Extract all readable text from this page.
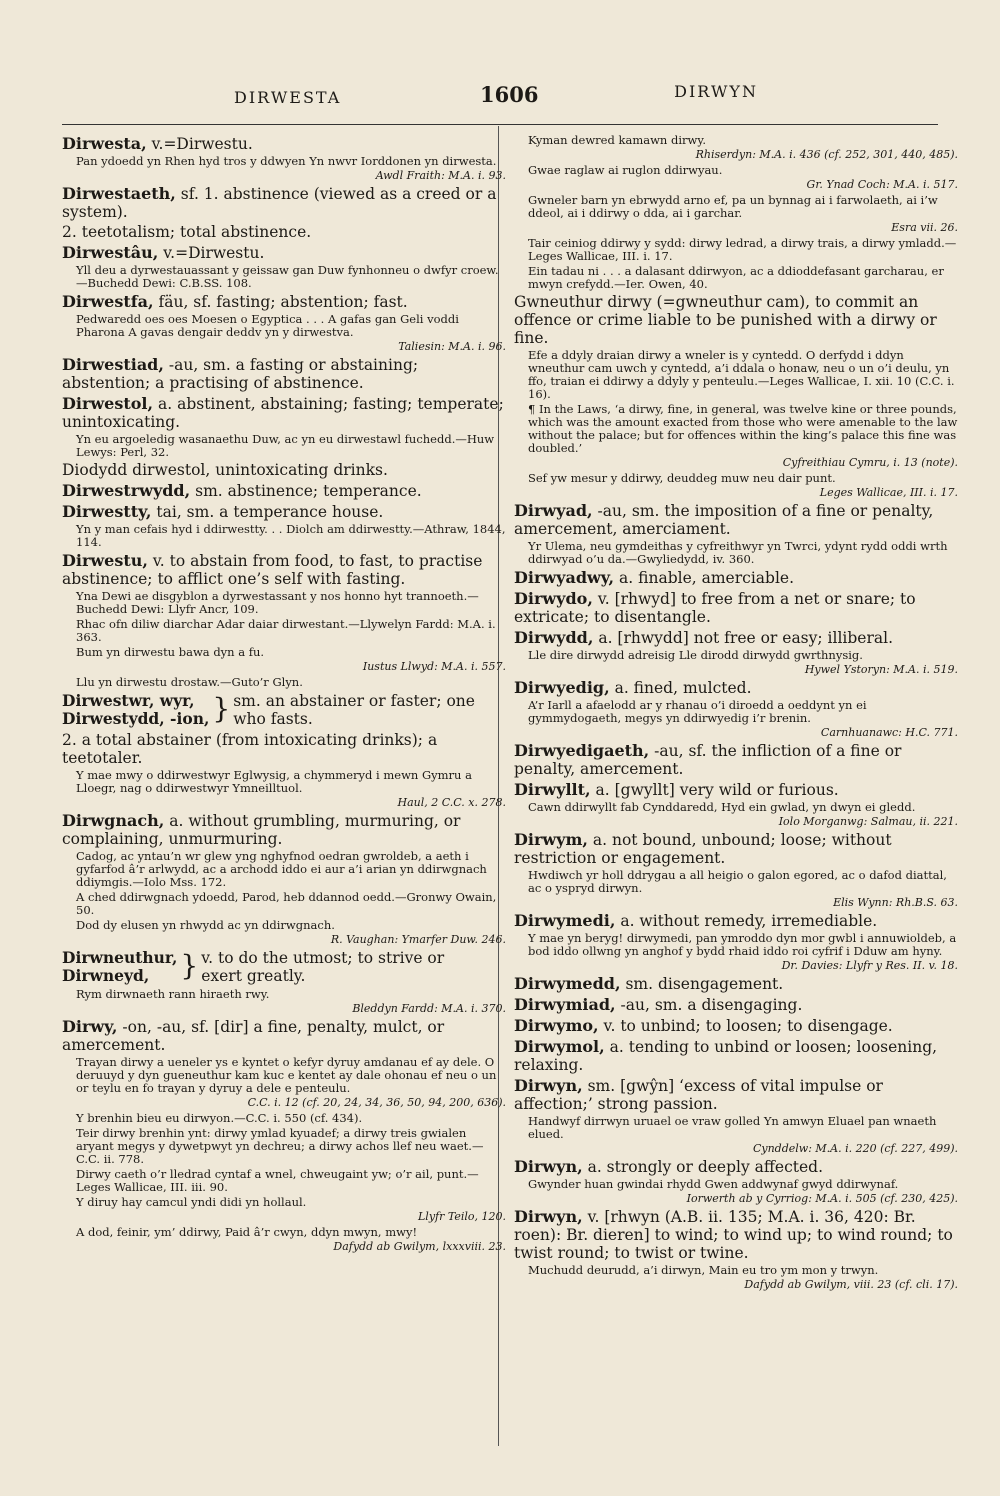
DIRWESTA	1606	DIRWYN
Dirwesta, v.=Dirwestu.
Pan ydoedd yn Rhen hyd tros y ddwyen Yn nwvr Iorddonen yn dirwesta.
Awdl Fraith: M.A. i. 93.
Dirwestaeth, sf. 1. abstinence (viewed as a creed or a system).
2. teetotalism; total abstinence.
Dirwestâu, v.=Dirwestu.
Yll deu a dyrwestauassant y geissaw gan Duw fynhonneu o dwfyr croew.—Buchedd Dewi: C.B.SS. 108.
Dirwestfa, fäu, sf. fasting; abstention; fast.
Pedwaredd oes oes Moesen o Egyptica . . . A gafas gan Geli voddi Pharona A gavas dengair deddv yn y dirwestva.
Taliesin: M.A. i. 96.
Dirwestiad, -au, sm. a fasting or abstaining; abstention; a practising of abstinence.
Dirwestol, a. abstinent, abstaining; fasting; temperate; unintoxicating.
Yn eu argoeledig wasanaethu Duw, ac yn eu dirwestawl fuchedd.—Huw Lewys: Perl, 32.
Diodydd dirwestol, unintoxicating drinks.
Dirwestrwydd, sm. abstinence; temperance.
Dirwestty, tai, sm. a temperance house.
Yn y man cefais hyd i ddirwestty. . . Diolch am ddirwestty.—Athraw, 1844, 114.
Dirwestu, v. to abstain from food, to fast, to practise abstinence; to afflict one’s self with fasting.
Yna Dewi ae disgyblon a dyrwestassant y nos honno hyt trannoeth.—Buchedd Dewi: Llyfr Ancr, 109.
Rhac ofn diliw diarchar Adar daiar dirwestant.—Llywelyn Fardd: M.A. i. 363.
Bum yn dirwestu bawa dyn a fu.
Iustus Llwyd: M.A. i. 557.
Llu yn dirwestu drostaw.—Guto’r Glyn.
Dirwestwr, wyr,
Dirwestydd, -ion, } sm. an abstainer or faster; one who fasts.
2. a total abstainer (from intoxicating drinks); a teetotaler.
Y mae mwy o ddirwestwyr Eglwysig, a chymmeryd i mewn Gymru a Lloegr, nag o ddirwestwyr Ymneilltuol.
Haul, 2 C.C. x. 278.
Dirwgnach, a. without grumbling, murmuring, or complaining, unmurmuring.
Cadog, ac yntau’n wr glew yng nghyfnod oedran gwroldeb, a aeth i gyfarfod â’r arlwydd, ac a archodd iddo ei aur a’i arian yn ddirwgnach ddiymgis.—Iolo Mss. 172.
A ched ddirwgnach ydoedd, Parod, heb ddannod oedd.—Gronwy Owain, 50.
Dod dy elusen yn rhwydd ac yn ddirwgnach.
R. Vaughan: Ymarfer Duw. 246.
Dirwneuthur,
Dirwneyd,	} v. to do the utmost; to strive or exert greatly.
Rym dirwnaeth rann hiraeth rwy.
Bleddyn Fardd: M.A. i. 370.
Dirwy, -on, -au, sf. [dir] a fine, penalty, mulct, or amercement.
Trayan dirwy a ueneler ys e kyntet o kefyr dyruy amdanau ef ay dele. O deruuyd y dyn gueneuthur kam kuc e kentet ay dale ohonau ef neu o un or teylu en fo trayan y dyruy a dele e penteulu.
C.C. i. 12 (cf. 20, 24, 34, 36, 50, 94, 200, 636).
Y brenhin bieu eu dirwyon.—C.C. i. 550 (cf. 434).
Teir dirwy brenhin ynt: dirwy ymlad kyuadef; a dirwy treis gwialen aryant megys y dywetpwyt yn dechreu; a dirwy achos llef neu waet.—C.C. ii. 778.
Dirwy caeth o’r lledrad cyntaf a wnel, chweugaint yw; o’r ail, punt.—Leges Wallicae, III. iii. 90.
Y diruy hay camcul yndi didi yn hollaul.
Llyfr Teilo, 120.
A dod, feinir, ym’ ddirwy, Paid â’r cwyn, ddyn mwyn, mwy!
Dafydd ab Gwilym, lxxxviii. 23.
Kyman dewred kamawn dirwy.
Rhiserdyn: M.A. i. 436 (cf. 252, 301, 440, 485).
Gwae raglaw ai ruglon ddirwyau.
Gr. Ynad Coch: M.A. i. 517.
Gwneler barn yn ebrwydd arno ef, pa un bynnag ai i farwolaeth, ai i’w ddeol, ai i ddirwy o dda, ai i garchar.
Esra vii. 26.
Tair ceiniog ddirwy y sydd: dirwy ledrad, a dirwy trais, a dirwy ymladd.—Leges Wallicae, III. i. 17.
Ein tadau ni . . . a dalasant ddirwyon, ac a ddioddefasant garcharau, er mwyn crefydd.—Ier. Owen, 40.
Gwneuthur dirwy (=gwneuthur cam), to commit an offence or crime liable to be punished with a dirwy or fine.
Efe a ddyly draian dirwy a wneler is y cyntedd. O derfydd i ddyn wneuthur cam uwch y cyntedd, a’i ddala o honaw, neu o un o’i deulu, yn ffo, traian ei ddirwy a ddyly y penteulu.—Leges Wallicae, I. xii. 10 (C.C. i. 16).
¶ In the Laws, ‘a dirwy, fine, in general, was twelve kine or three pounds, which was the amount exacted from those who were amenable to the law without the palace; but for offences within the king’s palace this fine was doubled.’
Cyfreithiau Cymru, i. 13 (note).
Sef yw mesur y ddirwy, deuddeg muw neu dair punt.
Leges Wallicae, III. i. 17.
Dirwyad, -au, sm. the imposition of a fine or penalty, amercement, amerciament.
Yr Ulema, neu gymdeithas y cyfreithwyr yn Twrci, ydynt rydd oddi wrth ddirwyad o’u da.—Gwyliedydd, iv. 360.
Dirwyadwy, a. finable, amerciable.
Dirwydo, v. [rhwyd] to free from a net or snare; to extricate; to disentangle.
Dirwydd, a. [rhwydd] not free or easy; illiberal.
Lle dire dirwydd adreisig Lle dirodd dirwydd gwrthnysig.
Hywel Ystoryn: M.A. i. 519.
Dirwyedig, a. fined, mulcted.
A’r Iarll a afaelodd ar y rhanau o’i diroedd a oeddynt yn ei gymmydogaeth, megys yn ddirwyedig i’r brenin.
Carnhuanawc: H.C. 771.
Dirwyedigaeth, -au, sf. the infliction of a fine or penalty, amercement.
Dirwyllt, a. [gwyllt] very wild or furious.
Cawn ddirwyllt fab Cynddaredd, Hyd ein gwlad, yn dwyn ei gledd.
Iolo Morganwg: Salmau, ii. 221.
Dirwym, a. not bound, unbound; loose; without restriction or engagement.
Hwdiwch yr holl ddrygau a all heigio o galon egored, ac o dafod diattal, ac o yspryd dirwyn.
Elis Wynn: Rh.B.S. 63.
Dirwymedi, a. without remedy, irremediable.
Y mae yn beryg! dirwymedi, pan ymroddo dyn mor gwbl i annuwioldeb, a bod iddo ollwng yn anghof y bydd rhaid iddo roi cyfrif i Dduw am hyny.
Dr. Davies: Llyfr y Res. II. v. 18.
Dirwymedd, sm. disengagement.
Dirwymiad, -au, sm. a disengaging.
Dirwymo, v. to unbind; to loosen; to disengage.
Dirwymol, a. tending to unbind or loosen; loosening, relaxing.
Dirwyn, sm. [gwŷn] ‘excess of vital impulse or affection;’ strong passion.
Handwyf dirrwyn uruael oe vraw golled Yn amwyn Eluael pan wnaeth elued.
Cynddelw: M.A. i. 220 (cf. 227, 499).
Dirwyn, a. strongly or deeply affected.
Gwynder huan gwindai rhydd Gwen addwynaf gwyd ddirwynaf.
Iorwerth ab y Cyrriog: M.A. i. 505 (cf. 230, 425).
Dirwyn, v. [rhwyn (A.B. ii. 135; M.A. i. 36, 420: Br. roen): Br. dieren] to wind; to wind up; to wind round; to twist round; to twist or twine.
Muchudd deurudd, a’i dirwyn, Main eu tro ym mon y trwyn.
Dafydd ab Gwilym, viii. 23 (cf. cli. 17).
